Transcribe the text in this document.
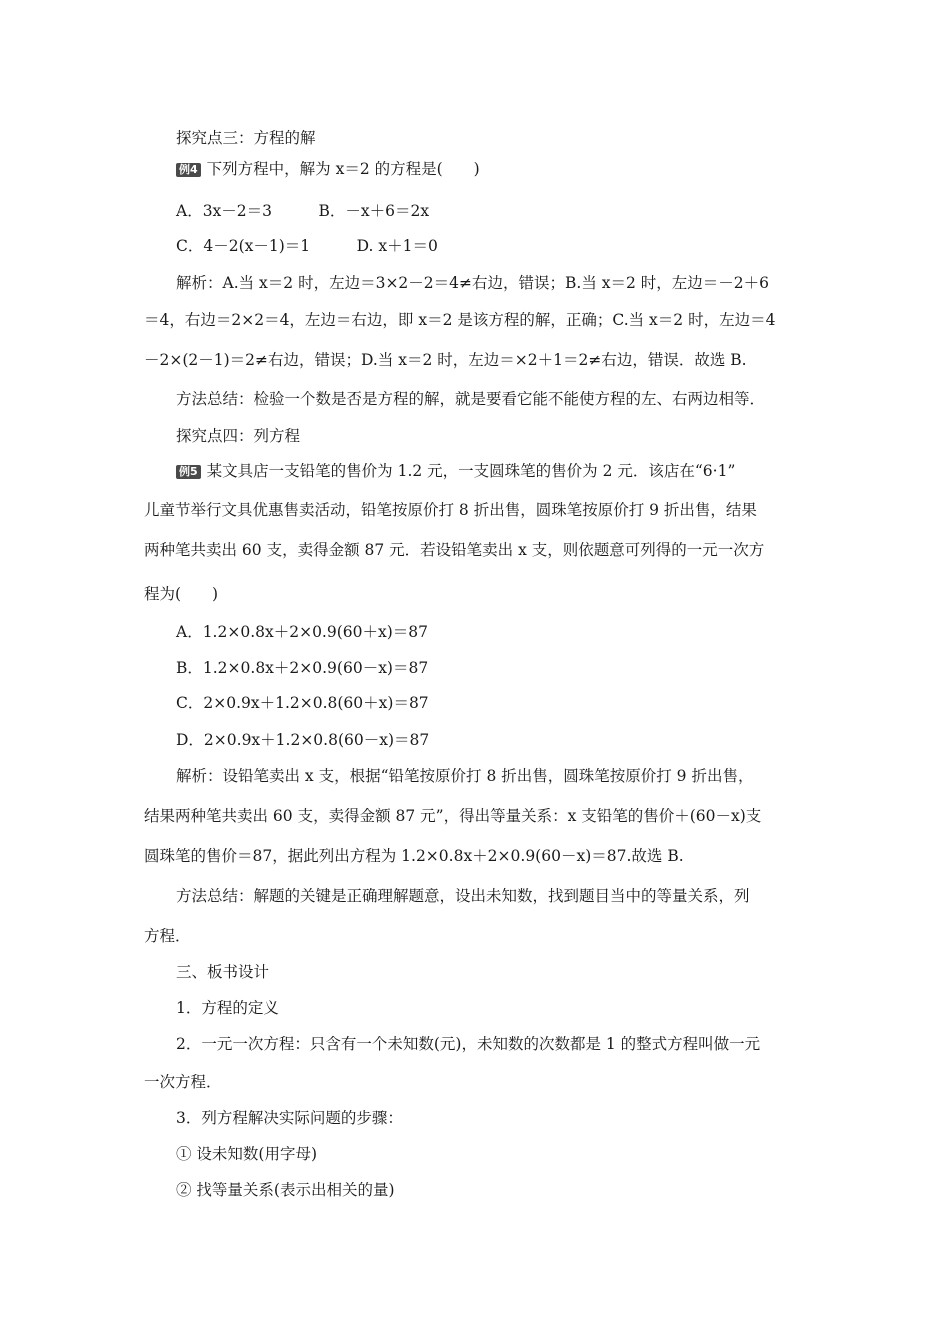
探究点三：方程的解
例4 下列方程中，解为 x＝2 的方程是(　　)
A．3x－2＝3　　　B．－x＋6＝2x
C．4－2(x－1)＝1　　　D. x＋1＝0
解析：A.当 x＝2 时，左边＝3×2－2＝4≠右边，错误；B.当 x＝2 时，左边＝－2＋6
＝4，右边＝2×2＝4，左边＝右边，即 x＝2 是该方程的解，正确；C.当 x＝2 时，左边＝4
－2×(2－1)＝2≠右边，错误；D.当 x＝2 时，左边＝×2＋1＝2≠右边，错误．故选 B.
方法总结：检验一个数是否是方程的解，就是要看它能不能使方程的左、右两边相等．
探究点四：列方程
例5 某文具店一支铅笔的售价为 1.2 元，一支圆珠笔的售价为 2 元．该店在“6·1”
儿童节举行文具优惠售卖活动，铅笔按原价打 8 折出售，圆珠笔按原价打 9 折出售，结果
两种笔共卖出 60 支，卖得金额 87 元．若设铅笔卖出 x 支，则依题意可列得的一元一次方
程为(　　)
A．1.2×0.8x＋2×0.9(60＋x)＝87
B．1.2×0.8x＋2×0.9(60－x)＝87
C．2×0.9x＋1.2×0.8(60＋x)＝87
D．2×0.9x＋1.2×0.8(60－x)＝87
解析：设铅笔卖出 x 支，根据“铅笔按原价打 8 折出售，圆珠笔按原价打 9 折出售，
结果两种笔共卖出 60 支，卖得金额 87 元”，得出等量关系：x 支铅笔的售价＋(60－x)支
圆珠笔的售价＝87，据此列出方程为 1.2×0.8x＋2×0.9(60－x)＝87.故选 B.
方法总结：解题的关键是正确理解题意，设出未知数，找到题目当中的等量关系，列
方程．
三、板书设计
1．方程的定义
2．一元一次方程：只含有一个未知数(元)，未知数的次数都是 1 的整式方程叫做一元
一次方程．
3．列方程解决实际问题的步骤：
① 设未知数(用字母)
② 找等量关系(表示出相关的量)
